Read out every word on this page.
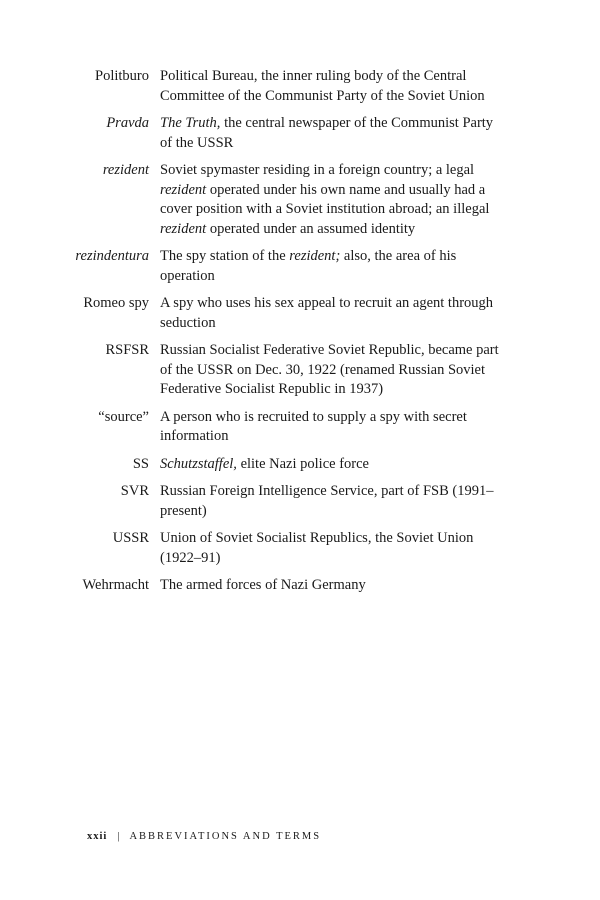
Politburo Political Bureau, the inner ruling body of the Central Committee of the Communist Party of the Soviet Union
Pravda The Truth, the central newspaper of the Communist Party of the USSR
rezident Soviet spymaster residing in a foreign country; a legal rezident operated under his own name and usually had a cover position with a Soviet institution abroad; an illegal rezident operated under an assumed identity
rezindentura The spy station of the rezident; also, the area of his operation
Romeo spy A spy who uses his sex appeal to recruit an agent through seduction
RSFSR Russian Socialist Federative Soviet Republic, became part of the USSR on Dec. 30, 1922 (renamed Russian Soviet Federative Socialist Republic in 1937)
“source” A person who is recruited to supply a spy with secret information
SS Schutzstaffel, elite Nazi police force
SVR Russian Foreign Intelligence Service, part of FSB (1991–present)
USSR Union of Soviet Socialist Republics, the Soviet Union (1922–91)
Wehrmacht The armed forces of Nazi Germany
xxii | ABBREVIATIONS AND TERMS
